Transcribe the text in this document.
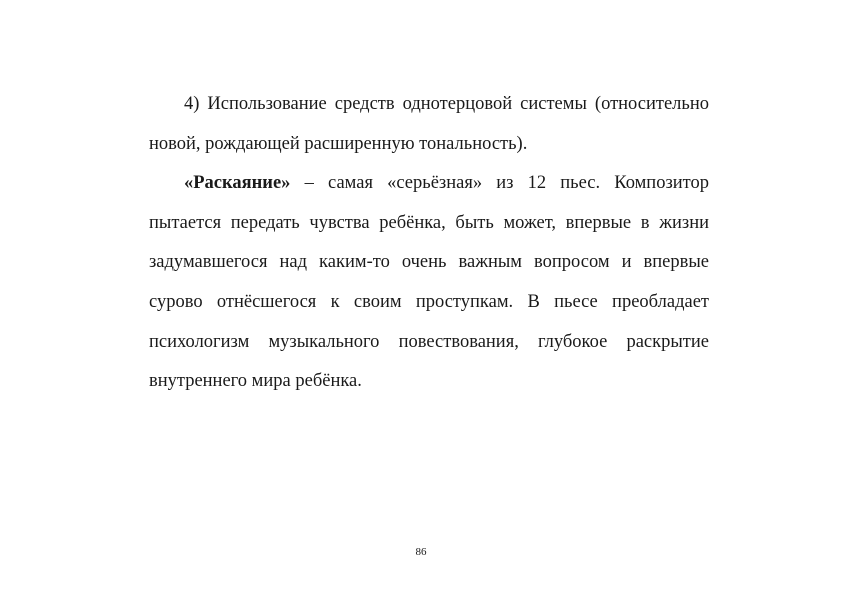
4) Использование средств однотерцовой системы (относительно новой, рождающей расширенную тональность).

«Раскаяние» – самая «серьёзная» из 12 пьес. Композитор пытается передать чувства ребёнка, быть может, впервые в жизни задумавшегося над каким-то очень важным вопросом и впервые сурово отнёсшегося к своим проступкам. В пьесе преобладает психологизм музыкального повествования, глубокое раскрытие внутреннего мира ребёнка.

86
